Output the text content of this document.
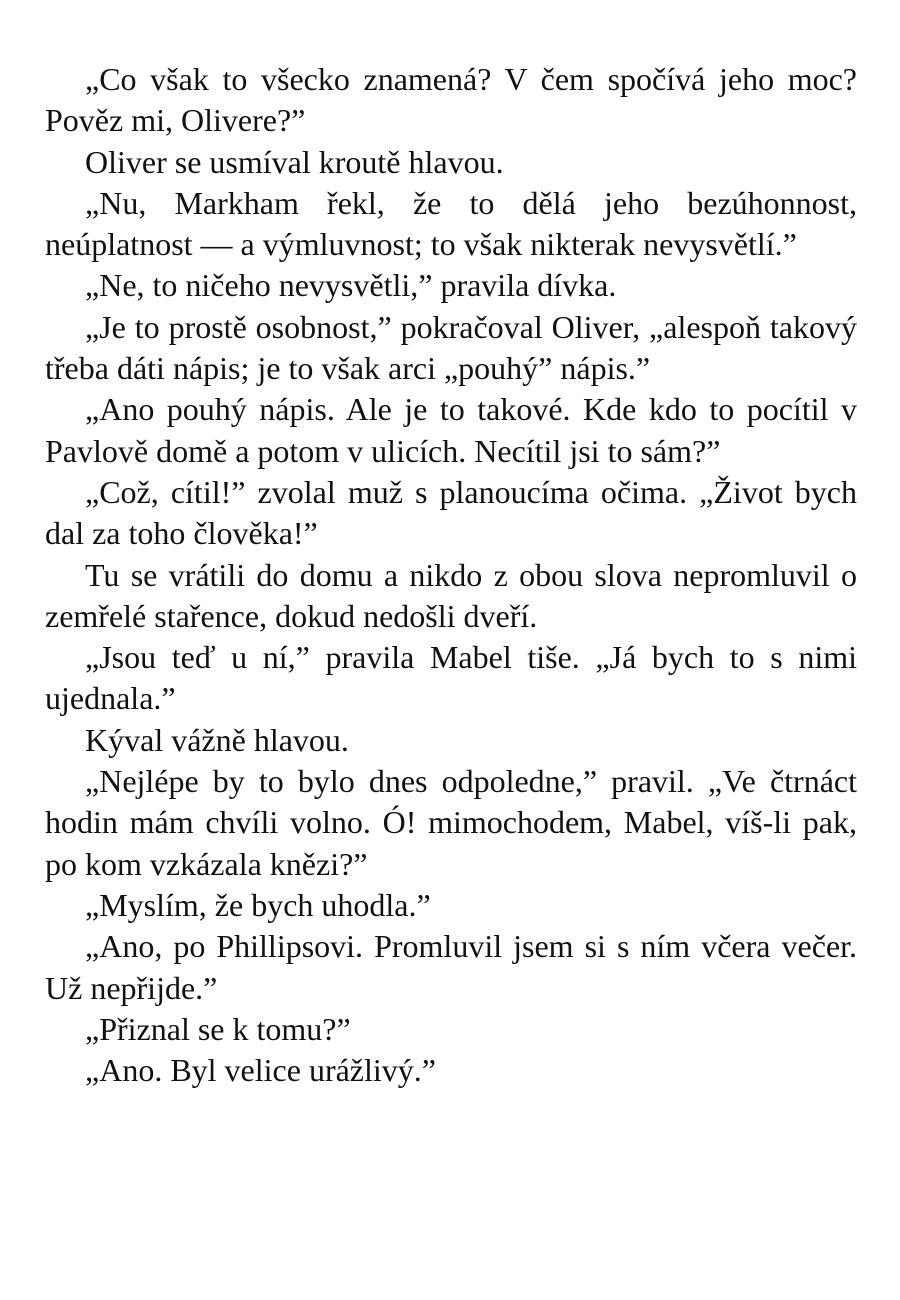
„Co však to všecko znamená? V čem spočívá jeho moc? Pověz mi, Olivere?”

Oliver se usmíval kroutě hlavou.

„Nu, Markham řekl, že to dělá jeho bezúhonnost, neúplatnost — a výmluvnost; to však nikterak nevysvětlí.”

„Ne, to ničeho nevysvětli,” pravila dívka.

„Je to prostě osobnost,” pokračoval Oliver, „alespoň takový třeba dáti nápis; je to však arci „pouhý” nápis.”

„Ano pouhý nápis. Ale je to takové. Kde kdo to pocítil v Pavlově domě a potom v ulicích. Necítil jsi to sám?”

„Což, cítil!” zvolal muž s planoucíma očima. „Život bych dal za toho člověka!”

Tu se vrátili do domu a nikdo z obou slova nepromluvil o zemřelé stařence, dokud nedošli dveří.

„Jsou teď u ní,” pravila Mabel tiše. „Já bych to s nimi ujednala.”

Kýval vážně hlavou.

„Nejlépe by to bylo dnes odpoledne,” pravil. „Ve čtrnáct hodin mám chvíli volno. Ó! mimochodem, Mabel, víš-li pak, po kom vzkázala knězi?”

„Myslím, že bych uhodla.”

„Ano, po Phillipsovi. Promluvil jsem si s ním včera večer. Už nepřijde.”

„Přiznal se k tomu?”

„Ano. Byl velice urážlivý.”
